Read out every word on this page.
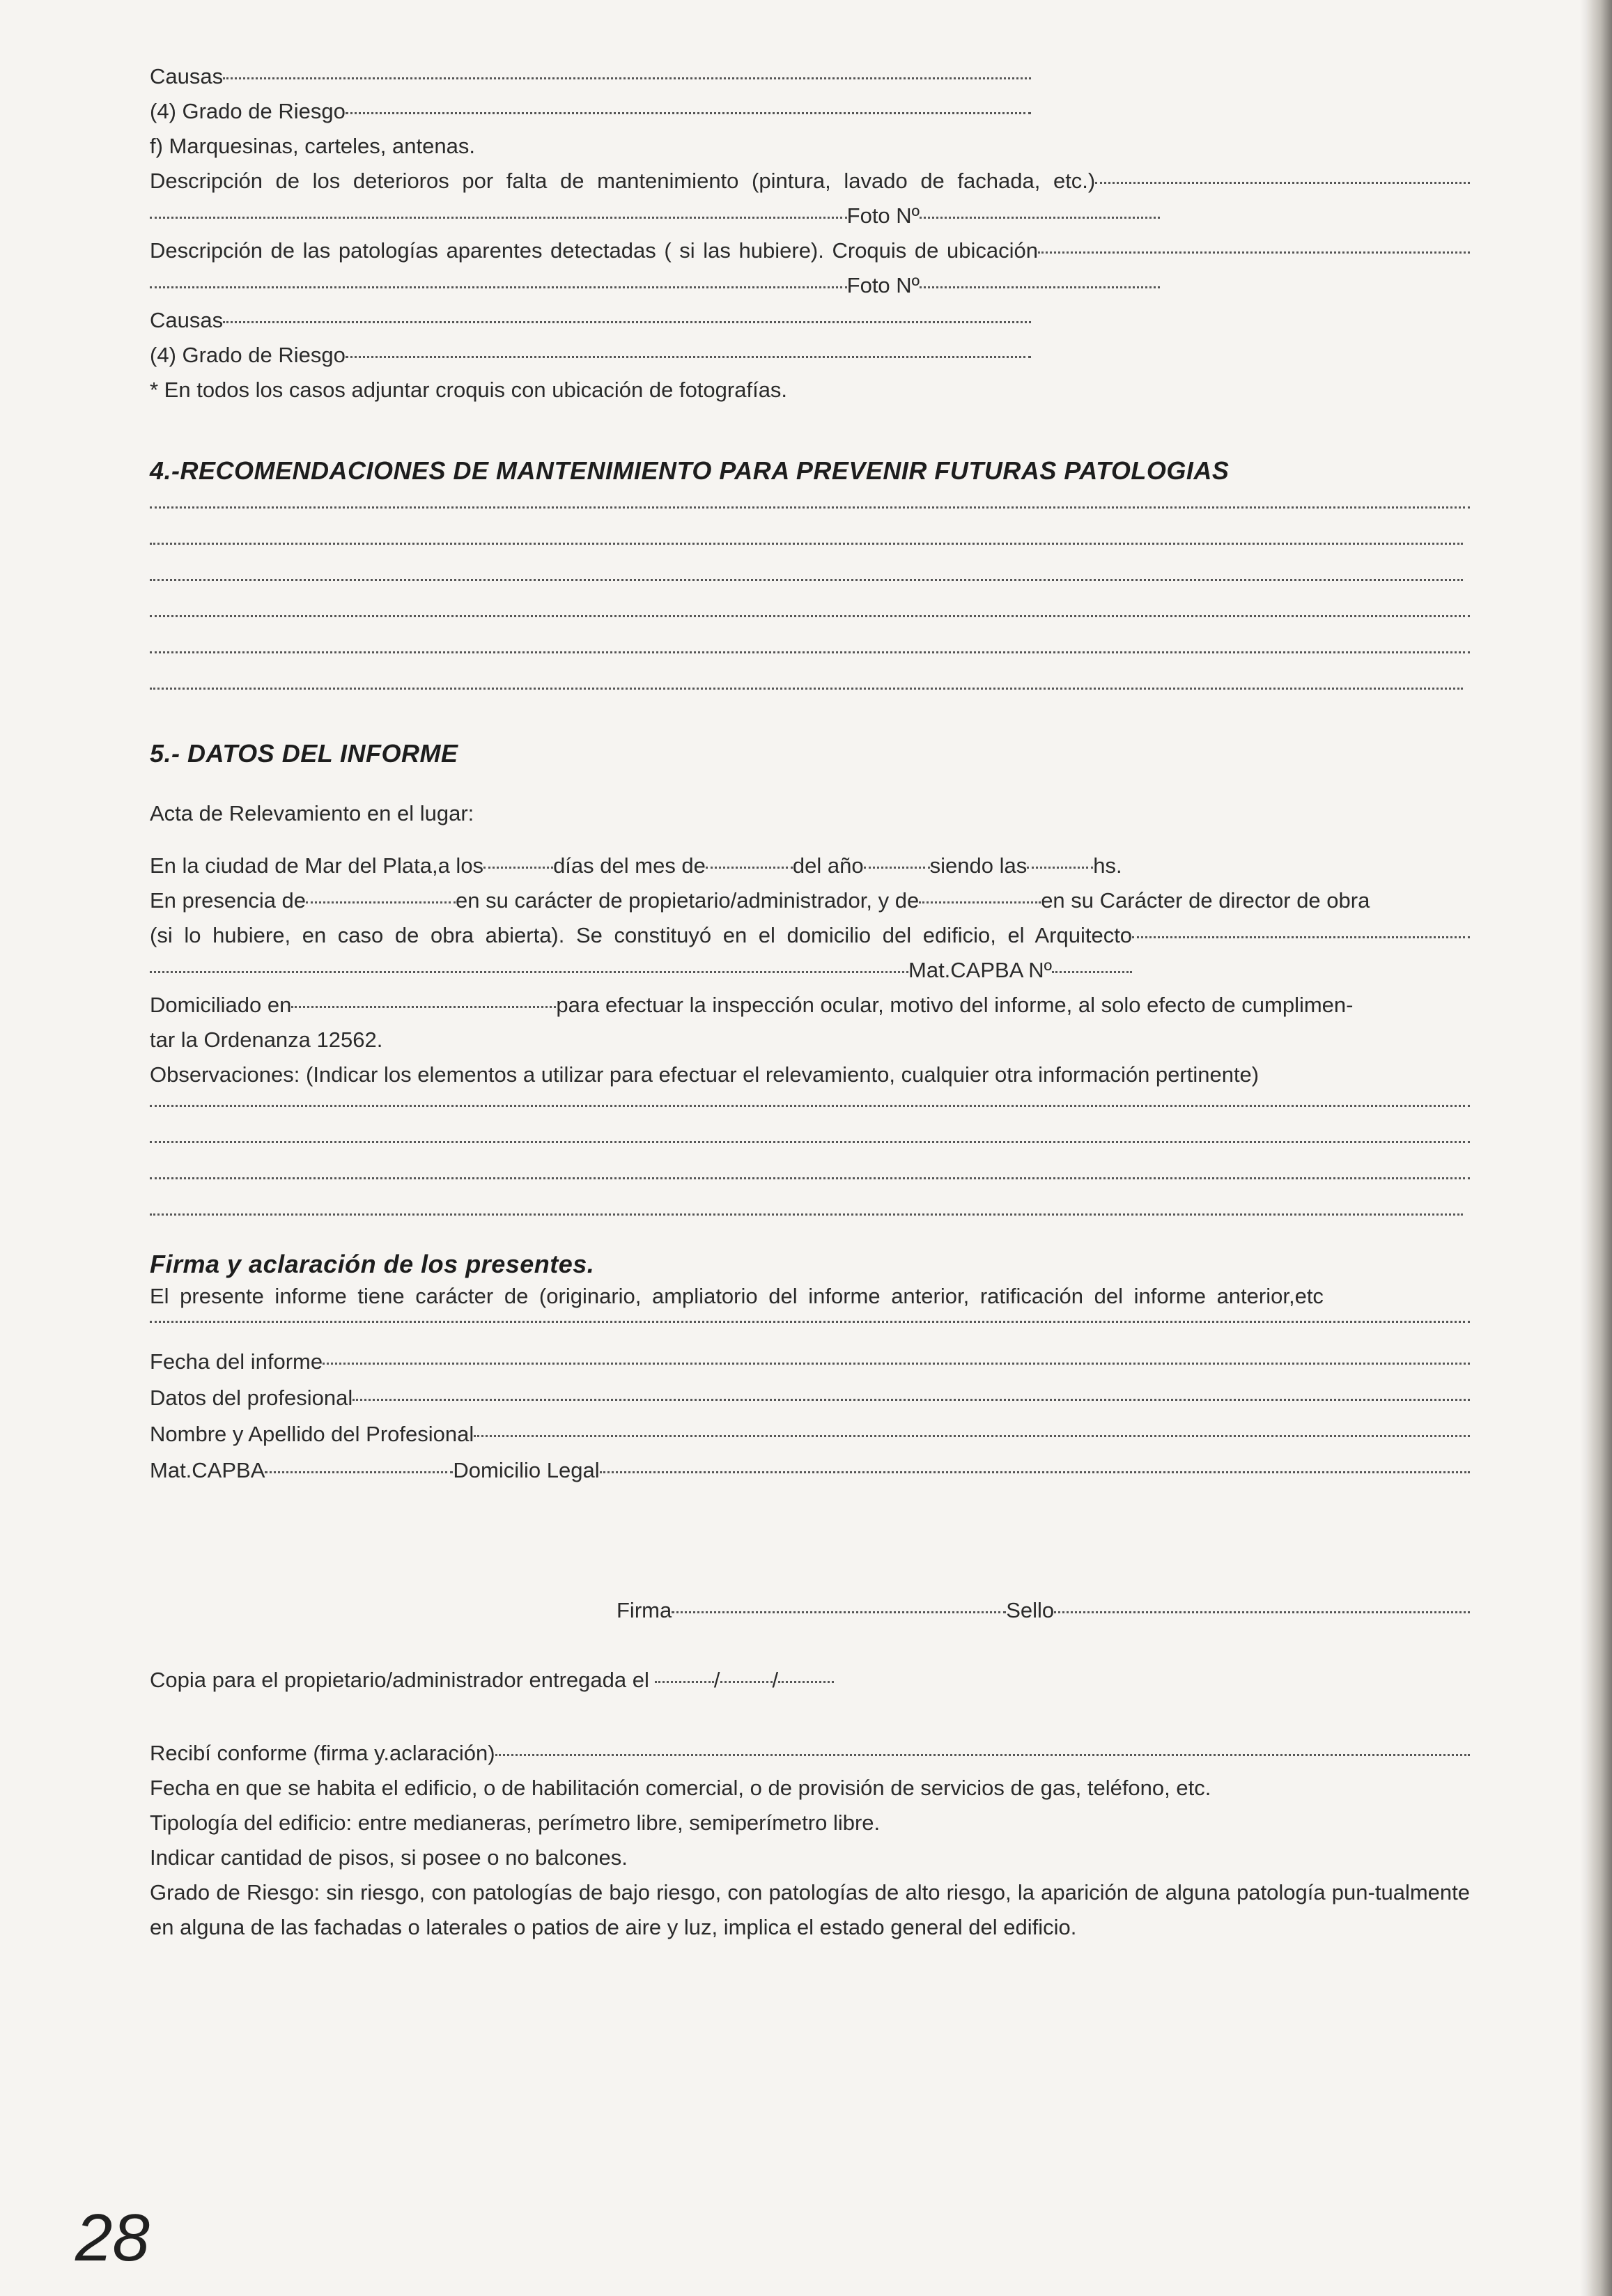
Causas
(4) Grado de Riesgo
f) Marquesinas, carteles, antenas.
Descripción de los deterioros por falta de mantenimiento (pintura, lavado de fachada, etc.)
Foto Nº
Descripción de las patologías aparentes detectadas ( si las hubiere). Croquis de ubicación
Foto Nº
Causas
(4) Grado de Riesgo
* En todos los casos adjuntar croquis con ubicación de fotografías.
4.-RECOMENDACIONES DE MANTENIMIENTO PARA PREVENIR FUTURAS PATOLOGIAS
5.- DATOS DEL INFORME
Acta de Relevamiento en el lugar:
En la ciudad de Mar del Plata,a los	días del mes de	del año	siendo las	hs.
En presencia de	en su carácter de propietario/administrador, y de	en su Carácter de director de obra
(si lo hubiere, en caso de obra abierta). Se constituyó en el domicilio del edificio, el Arquitecto
Mat.CAPBA Nº
Domiciliado en	para efectuar la inspección ocular, motivo del informe, al solo efecto de cumplimen-
tar la Ordenanza 12562.
Observaciones: (Indicar los elementos a utilizar para efectuar el relevamiento, cualquier otra información pertinente)
Firma y aclaración de los presentes.
El presente informe tiene carácter de (originario, ampliatorio del informe anterior, ratificación del informe anterior,etc
Fecha del informe
Datos del profesional
Nombre y Apellido del Profesional
Mat.CAPBA	Domicilio Legal
Firma	Sello
Copia para el propietario/administrador entregada el	/ /
Recibí conforme (firma y.aclaración)
Fecha en que se habita el edificio, o de habilitación comercial, o de provisión de servicios de gas, teléfono, etc.
Tipología del edificio: entre medianeras, perímetro libre, semiperímetro libre.
Indicar cantidad de pisos, si posee o no balcones.
Grado de Riesgo: sin riesgo, con patologías de bajo riesgo, con patologías de alto riesgo, la aparición de alguna patología pun-tualmente en alguna de las fachadas o laterales o patios de aire y luz, implica el estado general del edificio.
28
